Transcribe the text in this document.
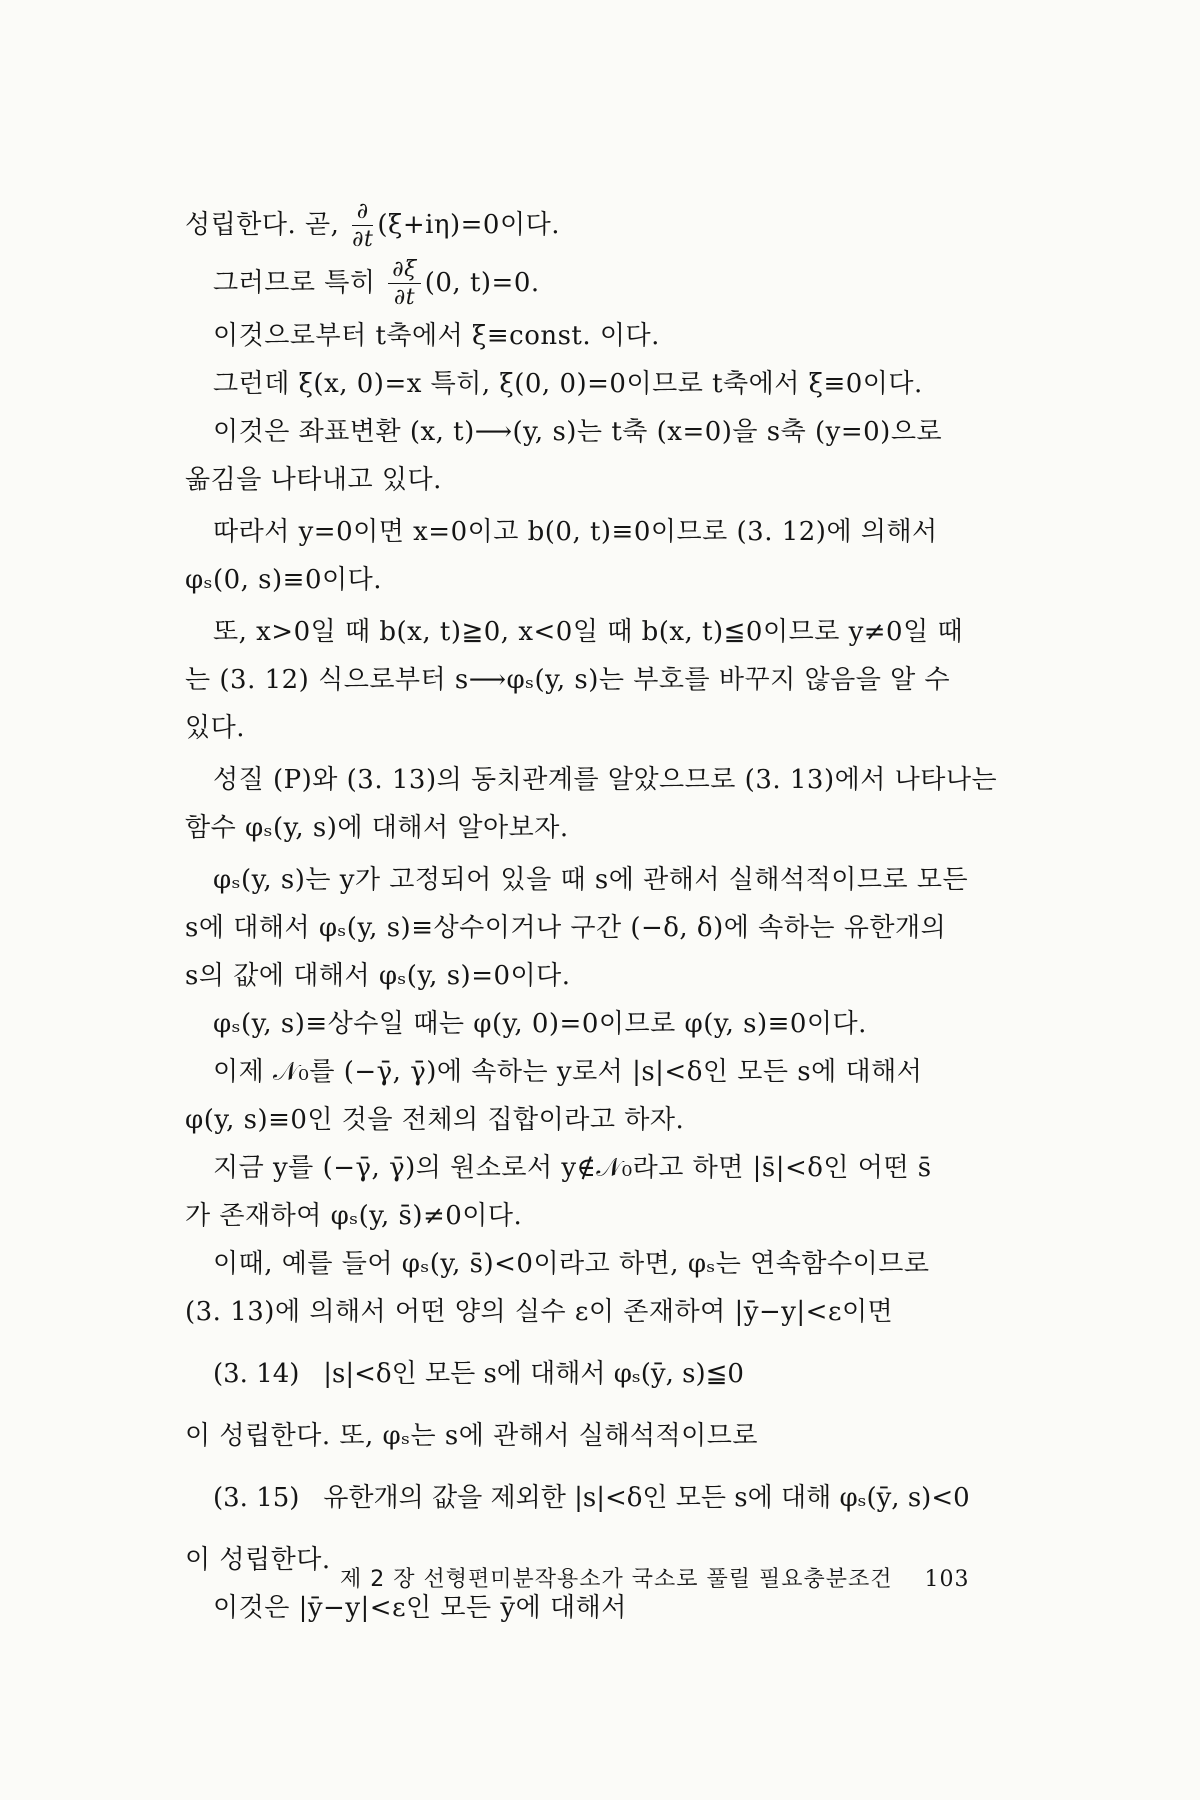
성립한다. 곧, $\frac{\partial}{\partial t} (\xi+i\eta)=0$이다.
그러므로 특히 $\frac{\partial\xi}{\partial t} (0$, t)=0.
이것으로부터 t축에서 ξ≡const. 이다.
그런데 ξ(x, 0)=x 특히, ξ(0, 0)=0이므로 t축에서 ξ≡0이다.
이것은 좌표변환 (x, t)⟶(y, s)는 t축 (x=0)을 s축 (y=0)으로
옮김을 나타내고 있다.
따라서 y=0이면 x=0이고 b(0, t)≡0이므로 (3. 12)에 의해서
φₛ(0, s)≡0이다.
또, x>0일 때 b(x, t)≧0, x<0일 때 b(x, t)≦0이므로 y≠0일 때
는 (3. 12) 식으로부터 s⟶φₛ(y, s)는 부호를 바꾸지 않음을 알 수
있다.
성질 (P)와 (3. 13)의 동치관계를 알았으므로 (3. 13)에서 나타나는
함수 φₛ(y, s)에 대해서 알아보자.
φₛ(y, s)는 y가 고정되어 있을 때 s에 관해서 실해석적이므로 모든
s에 대해서 φₛ(y, s)≡상수이거나 구간 (−δ, δ)에 속하는 유한개의
s의 값에 대해서 φₛ(y, s)=0이다.
φₛ(y, s)≡상수일 때는 φ(y, 0)=0이므로 φ(y, s)≡0이다.
이제 𝒩₀를 (−γ̄, γ̄)에 속하는 y로서 |s|<δ인 모든 s에 대해서
φ(y, s)≡0인 것을 전체의 집합이라고 하자.
지금 y를 (−γ̄, γ̄)의 원소로서 y∉𝒩₀라고 하면 |s̄|<δ인 어떤 s̄
가 존재하여 φₛ(y, s̄)≠0이다.
이때, 예를 들어 φₛ(y, s̄)<0이라고 하면, φₛ는 연속함수이므로
(3. 13)에 의해서 어떤 양의 실수 ε이 존재하여 |ȳ−y|<ε이면
(3. 14) |s|<δ인 모든 s에 대해서 φₛ(ȳ, s)≦0
이 성립한다. 또, φₛ는 s에 관해서 실해석적이므로
(3. 15) 유한개의 값을 제외한 |s|<δ인 모든 s에 대해 φₛ(ȳ, s)<0
이 성립한다.
이것은 |ȳ−y|<ε인 모든 ȳ에 대해서
제 2 장 선형편미분작용소가 국소로 풀릴 필요충분조건 103
